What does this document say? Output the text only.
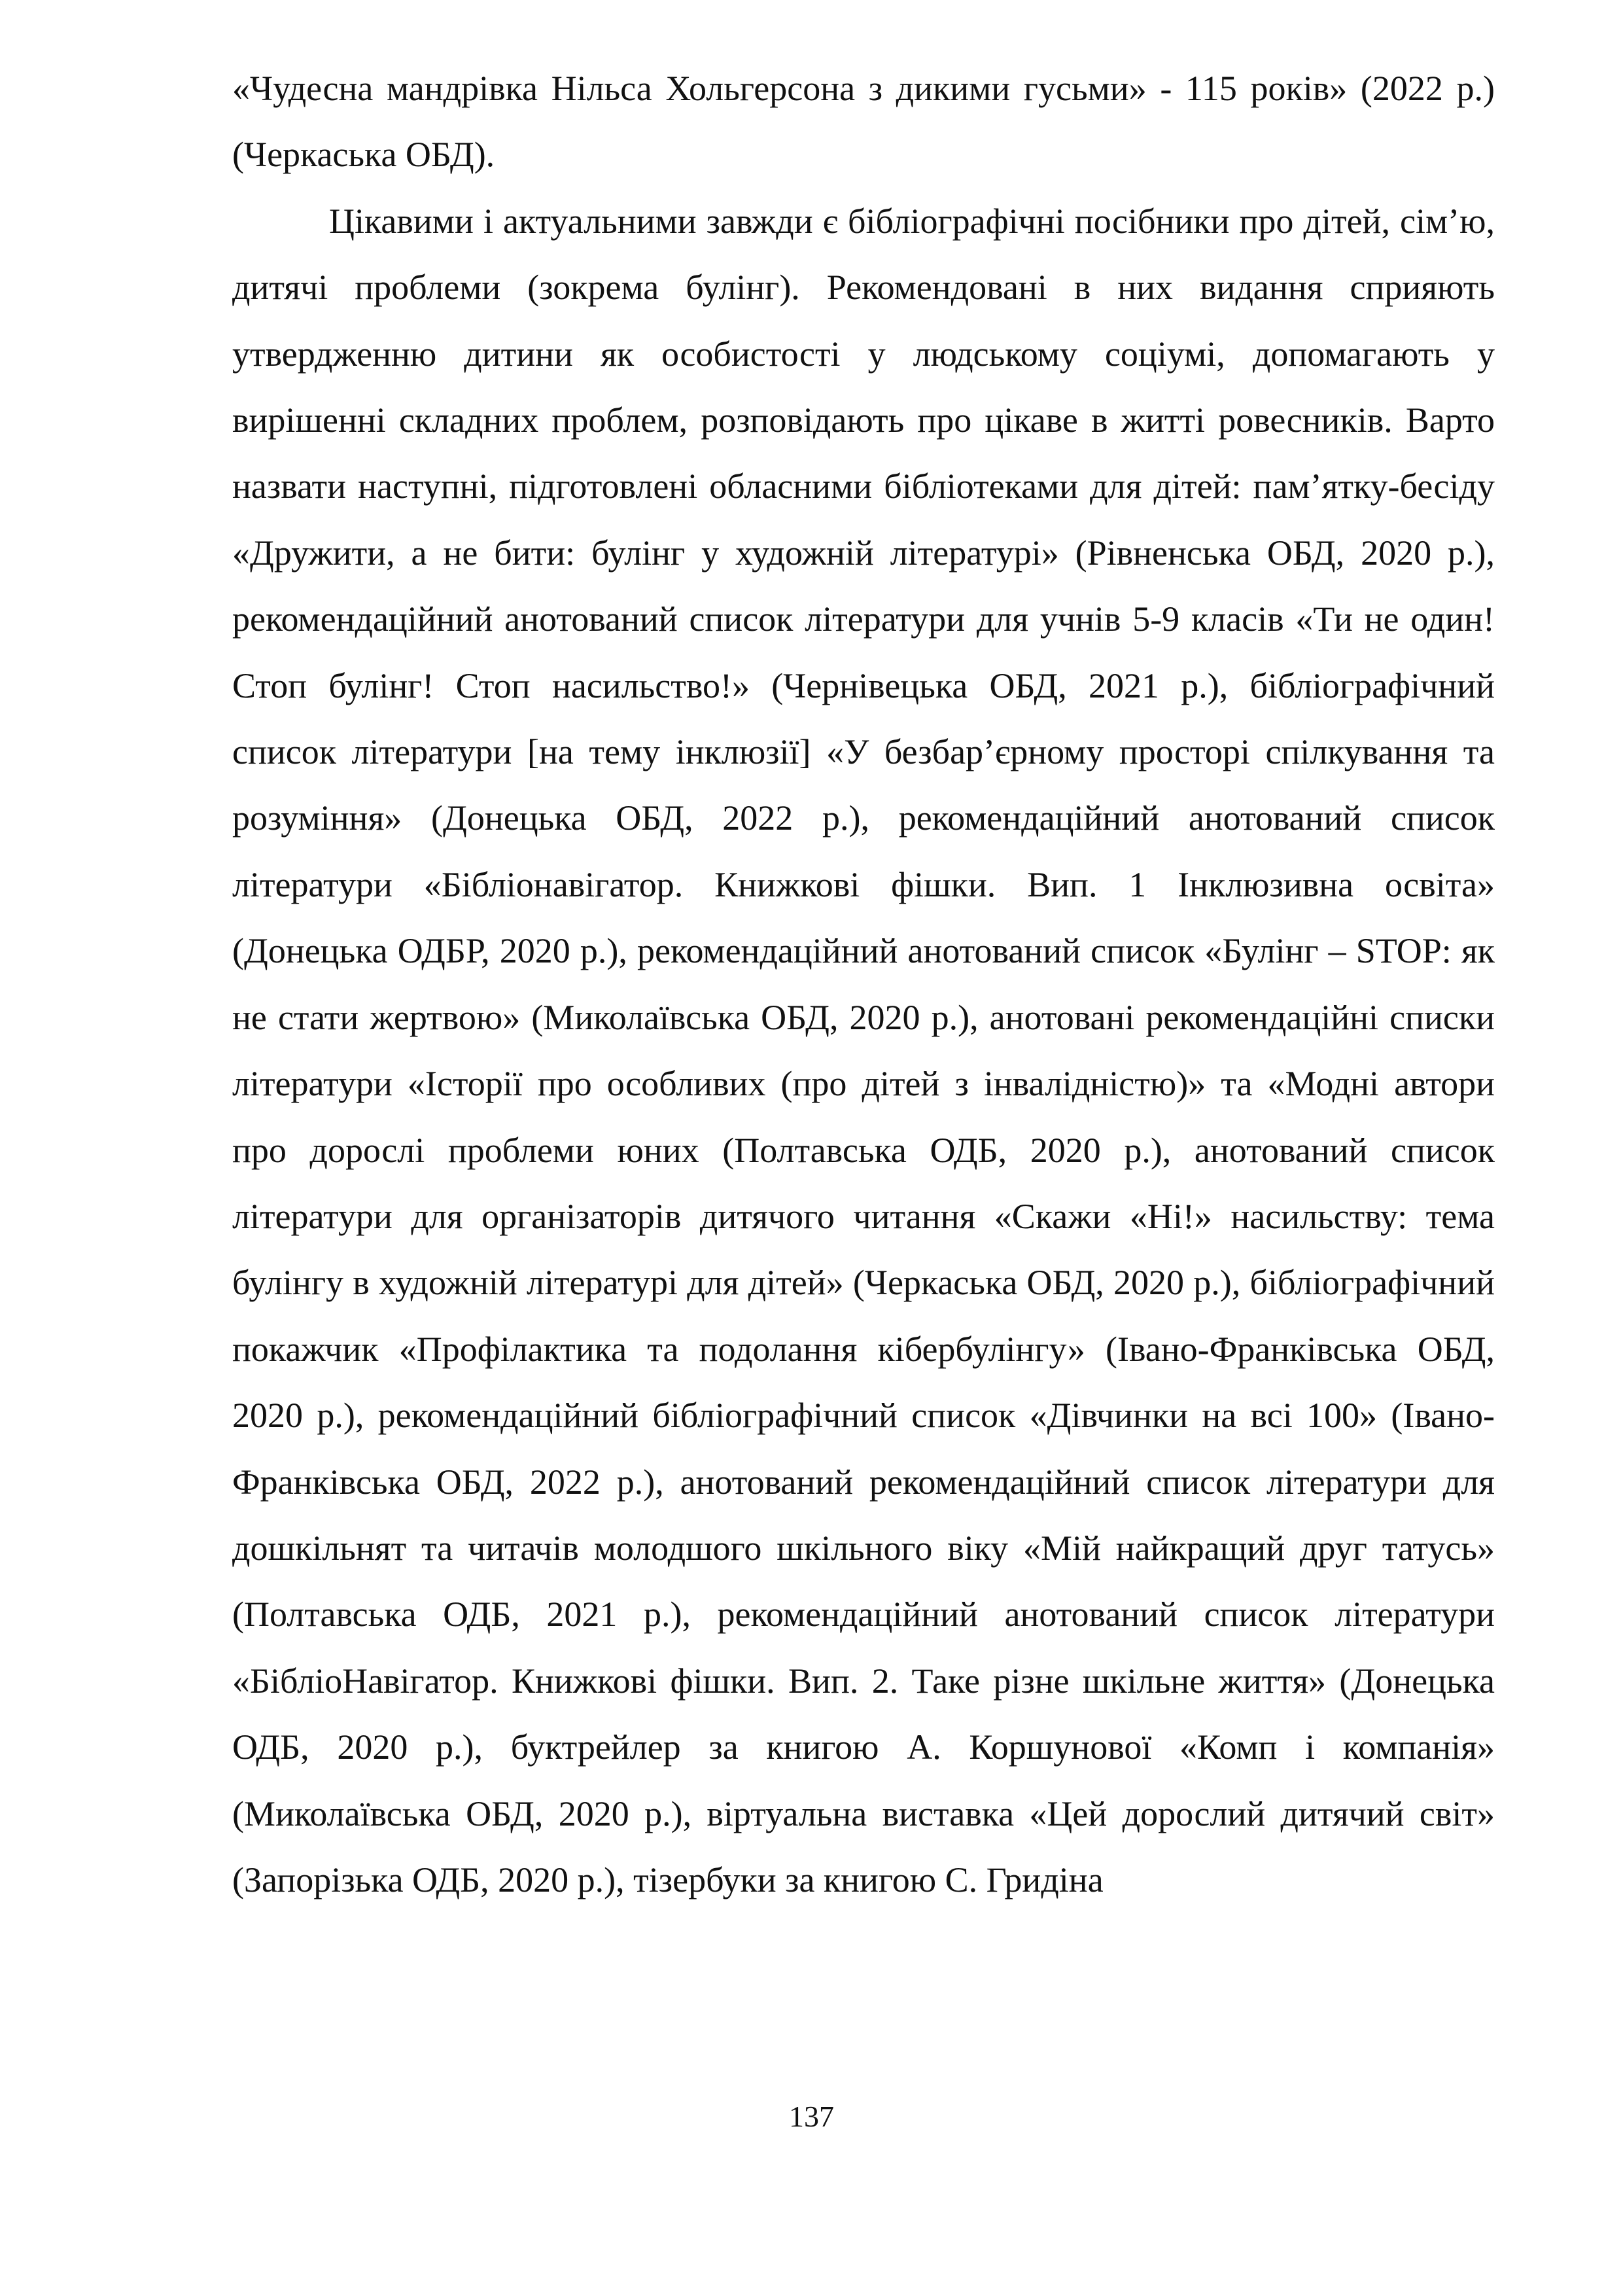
«Чудесна мандрівка Нільса Хольгерсона з дикими гусьми» - 115 років» (2022 р.) (Черкаська ОБД).

Цікавими і актуальними завжди є бібліографічні посібники про дітей, сім’ю, дитячі проблеми (зокрема булінг). Рекомендовані в них видання сприяють утвердженню дитини як особистості у людському соціумі, допомагають у вирішенні складних проблем, розповідають про цікаве в житті ровесників. Варто назвати наступні, підготовлені обласними бібліотеками для дітей: пам’ятку-бесіду «Дружити, а не бити: булінг у художній літературі» (Рівненська ОБД, 2020 р.), рекомендаційний анотований список літератури для учнів 5-9 класів «Ти не один! Стоп булінг! Стоп насильство!» (Чернівецька ОБД, 2021 р.), бібліографічний список літератури [на тему інклюзії] «У безбар’єрному просторі спілкування та розуміння» (Донецька ОБД, 2022 р.), рекомендаційний анотований список літератури «Бібліонавігатор. Книжкові фішки. Вип. 1 Інклюзивна освіта» (Донецька ОДБР, 2020 р.), рекомендаційний анотований список «Булінг – STOP: як не стати жертвою» (Миколаївська ОБД, 2020 р.), анотовані рекомендаційні списки літератури «Історії про особливих (про дітей з інвалідністю)» та «Модні автори про дорослі проблеми юних (Полтавська ОДБ, 2020 р.), анотований список літератури для організаторів дитячого читання «Скажи «Ні!» насильству: тема булінгу в художній літературі для дітей» (Черкаська ОБД, 2020 р.), бібліографічний покажчик «Профілактика та подолання кібербулінгу» (Івано-Франківська ОБД, 2020 р.), рекомендаційний бібліографічний список «Дівчинки на всі 100» (Івано-Франківська ОБД, 2022 р.), анотований рекомендаційний список літератури для дошкільнят та читачів молодшого шкільного віку «Мій найкращий друг татусь» (Полтавська ОДБ, 2021 р.), рекомендаційний анотований список літератури «БібліоНавігатор. Книжкові фішки. Вип. 2. Таке різне шкільне життя» (Донецька ОДБ, 2020 р.), буктрейлер за книгою А. Коршунової «Комп і компанія» (Миколаївська ОБД, 2020 р.), віртуальна виставка «Цей дорослий дитячий світ» (Запорізька ОДБ, 2020 р.), тізербуки за книгою С. Гридіна

137
